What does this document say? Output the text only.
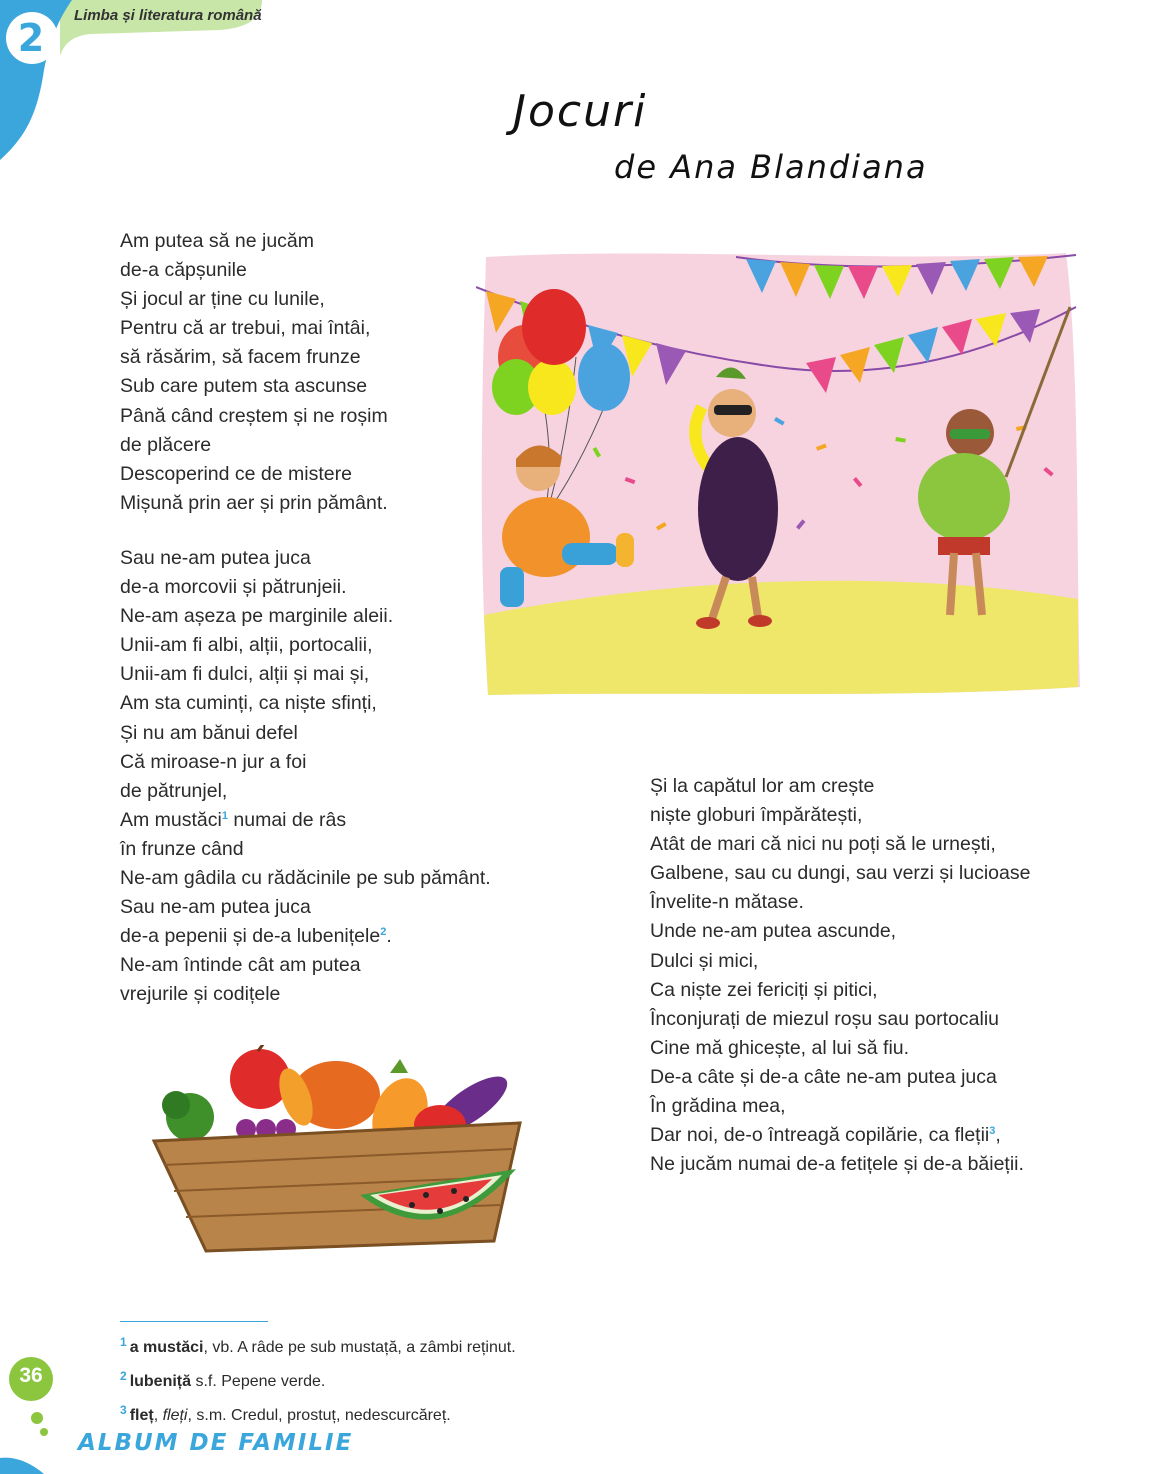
2
Limba și literatura română
Jocuri
de Ana Blandiana
Am putea să ne jucăm
de-a căpșunile
Și jocul ar ține cu lunile,
Pentru că ar trebui, mai întâi,
să răsărim, să facem frunze
Sub care putem sta ascunse
Până când creștem și ne roșim
de plăcere
Descoperind ce de mistere
Mișună prin aer și prin pământ.
Sau ne-am putea juca
de-a morcovii și pătrunjeii.
Ne-am așeza pe marginile aleii.
Unii-am fi albi, alții, portocalii,
Unii-am fi dulci, alții și mai și,
Am sta cuminți, ca niște sfinți,
Și nu am bănui defel
Că miroase-n jur a foi
de pătrunjel,
Am mustăci$^1$ numai de râs
în frunze când
Ne-am gâdila cu rădăcinile pe sub pământ.
Sau ne-am putea juca
de-a pepenii și de-a lubenițele$^2$.
Ne-am întinde cât am putea
vrejurile și codițele
Și la capătul lor am crește
niște globuri împărătești,
Atât de mari că nici nu poți să le urnești,
Galbene, sau cu dungi, sau verzi și lucioase
Învelite-n mătase.
Unde ne-am putea ascunde,
Dulci și mici,
Ca niște zei fericiți și pitici,
Înconjurați de miezul roșu sau portocaliu
Cine mă ghicește, al lui să fiu.
De-a câte și de-a câte ne-am putea juca
În grădina mea,
Dar noi, de-o întreagă copilărie, ca fleții$^3$,
Ne jucăm numai de-a fetițele și de-a băieții.
$^1$ a mustăci, vb. A râde pe sub mustață, a zâmbi reținut.
$^2$ lubeniță s.f. Pepene verde.
$^3$ fleț, fleți, s.m. Credul, prostuț, nedescurcăreț.
36
ALBUM DE FAMILIE
